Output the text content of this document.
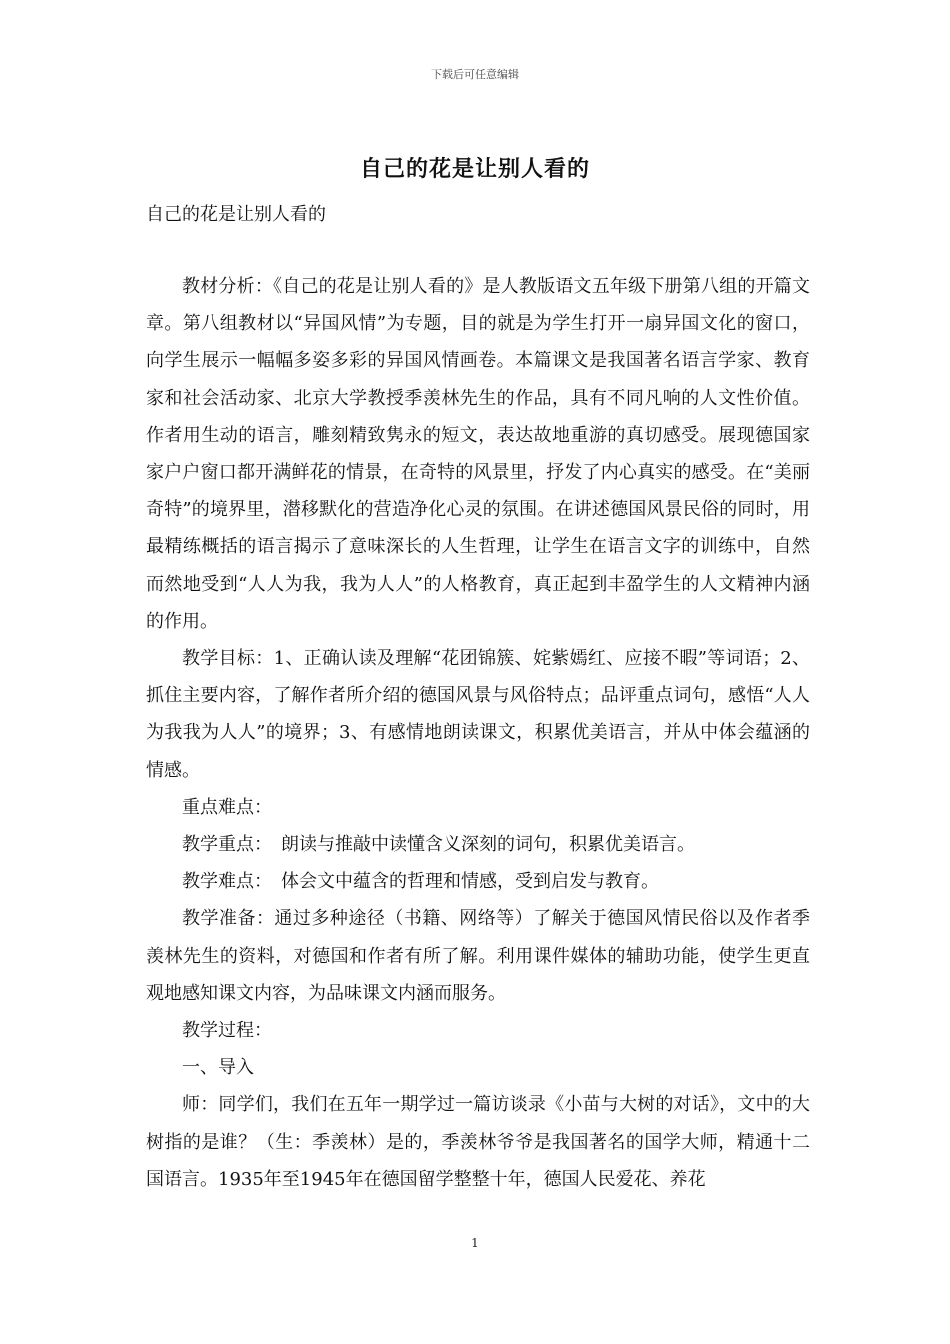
下载后可任意编辑
自己的花是让别人看的
自己的花是让别人看的

教材分析：《自己的花是让别人看的》是人教版语文五年级下册第八组的开篇文章。第八组教材以“异国风情”为专题，目的就是为学生打开一扇异国文化的窗口，向学生展示一幅幅多姿多彩的异国风情画卷。本篇课文是我国著名语言学家、教育家和社会活动家、北京大学教授季羡林先生的作品，具有不同凡响的人文性价值。作者用生动的语言，雕刻精致隽永的短文，表达故地重游的真切感受。展现德国家家户户窗口都开满鲜花的情景，在奇特的风景里，抒发了内心真实的感受。在“美丽奇特”的境界里，潜移默化的营造净化心灵的氛围。在讲述德国风景民俗的同时，用最精练概括的语言揭示了意味深长的人生哲理，让学生在语言文字的训练中，自然而然地受到“人人为我，我为人人”的人格教育，真正起到丰盈学生的人文精神内涵的作用。

教学目标：1、正确认读及理解“花团锦簇、姹紫嫣红、应接不暇”等词语；2、抓住主要内容，了解作者所介绍的德国风景与风俗特点；品评重点词句，感悟“人人为我我为人人”的境界；3、有感情地朗读课文，积累优美语言，并从中体会蕴涵的情感。

重点难点：

教学重点：　朗读与推敲中读懂含义深刻的词句，积累优美语言。

教学难点：　体会文中蕴含的哲理和情感，受到启发与教育。

教学准备：通过多种途径（书籍、网络等）了解关于德国风情民俗以及作者季羡林先生的资料，对德国和作者有所了解。利用课件媒体的辅助功能，使学生更直观地感知课文内容，为品味课文内涵而服务。

教学过程：

一、导入

师：同学们，我们在五年一期学过一篇访谈录《小苗与大树的对话》，文中的大树指的是谁？（生：季羡林）是的，季羡林爷爷是我国著名的国学大师，精通十二国语言。1935年至1945年在德国留学整整十年，德国人民爱花、养花

1
